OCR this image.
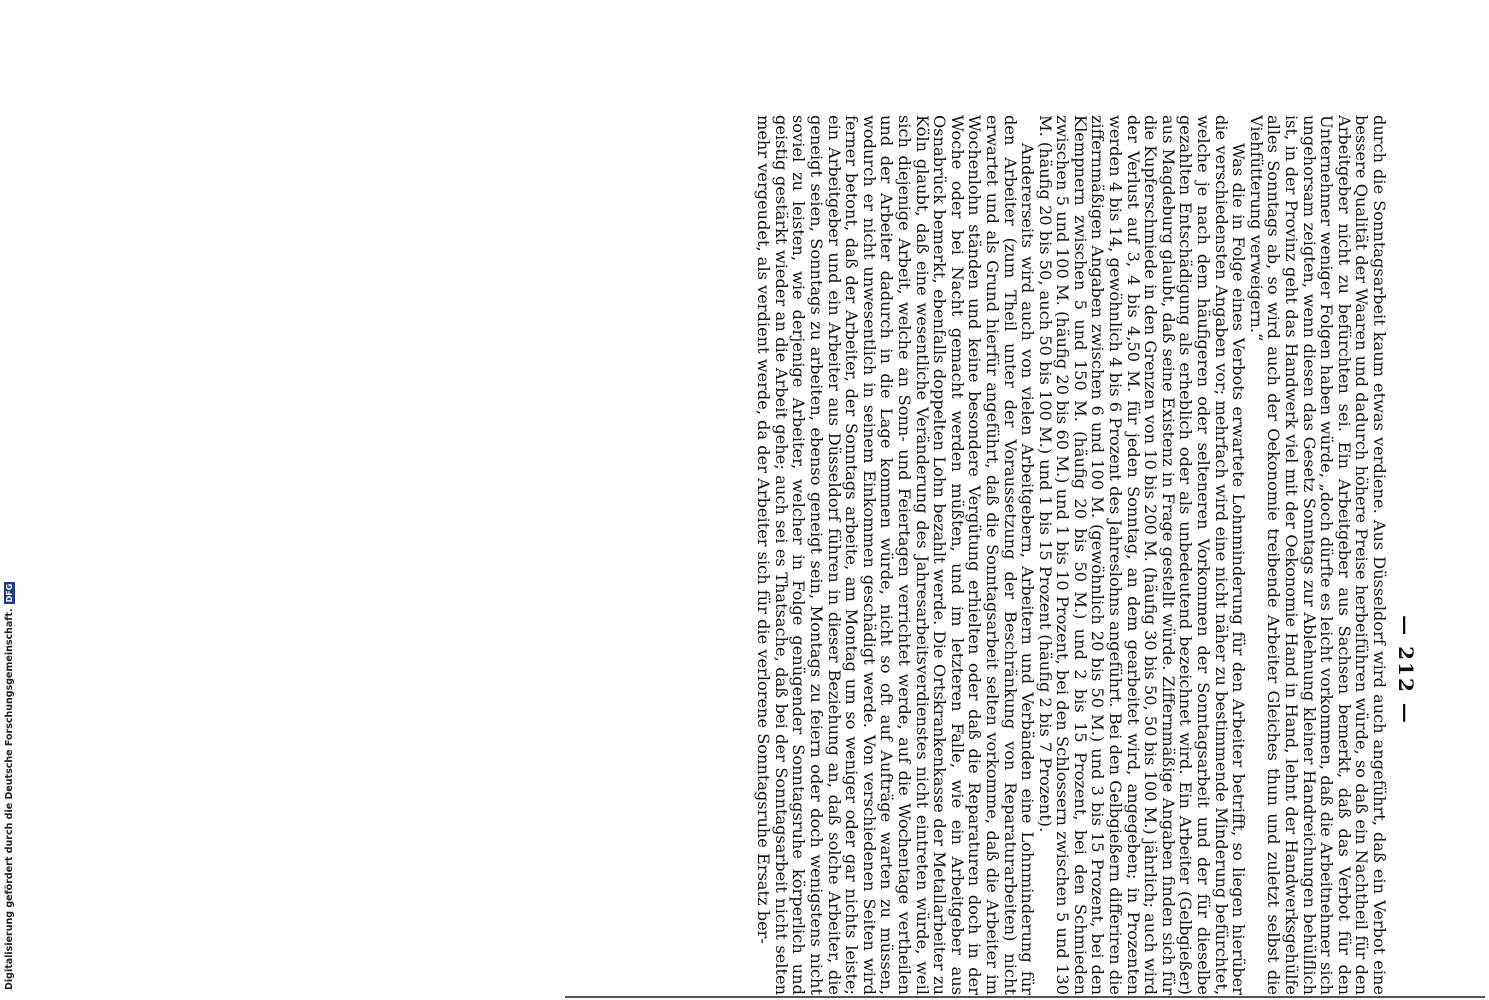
— 212 —

durch die Sonntagsarbeit kaum etwas verdiene. Aus Düsseldorf wird auch angeführt, daß ein Verbot eine bessere Qualität der Waaren und dadurch höhere Preise herbeiführen würde, so daß ein Nachtheil für den Arbeitgeber nicht zu befürchten sei. Ein Arbeitgeber aus Sachsen bemerkt, daß das Verbot für den Unternehmer weniger Folgen haben würde, „doch dürfte es leicht vorkommen, daß die Arbeitnehmer sich ungehorsam zeigten, wenn diesen das Gesetz Sonntags zur Ablehnung kleiner Handreichungen behülflich ist, in der Provinz geht das Handwerk viel mit der Oekonomie Hand in Hand, lehnt der Handwerksgehülfe alles Sonntags ab, so wird auch der Oekonomie treibende Arbeiter Gleiches thun und zuletzt selbst die Viehfütterung verweigern.“

Was die in Folge eines Verbots erwartete Lohnminderung für den Arbeiter betrifft, so liegen hierüber die verschiedensten Angaben vor; mehrfach wird eine nicht näher zu bestimmende Minderung befürchtet, welche je nach dem häufigeren oder selteneren Vorkommen der Sonntagsarbeit und der für dieselbe gezahlten Entschädigung als erheblich oder als unbedeutend bezeichnet wird. Ein Arbeiter (Gelbgießer) aus Magdeburg glaubt, daß seine Existenz in Frage gestellt würde. Ziffernmäßige Angaben finden sich für die Kupferschmiede in den Grenzen von 10 bis 200 M. (häufig 30 bis 50, 50 bis 100 M.) jährlich; auch wird der Verlust auf 3, 4 bis 4,50 M. für jeden Sonntag, an dem gearbeitet wird, angegeben; in Prozenten werden 4 bis 14, gewöhnlich 4 bis 6 Prozent des Jahreslohns angeführt. Bei den Gelbgießern differiren die ziffernmäßigen Angaben zwischen 6 und 100 M. (gewöhnlich 20 bis 50 M.) und 3 bis 15 Prozent, bei den Klempnern zwischen 5 und 150 M. (häufig 20 bis 50 M.) und 2 bis 15 Prozent, bei den Schmieden zwischen 5 und 100 M. (häufig 20 bis 60 M.) und 1 bis 10 Prozent, bei den Schlossern zwischen 5 und 130 M. (häufig 20 bis 50, auch 50 bis 100 M.) und 1 bis 15 Prozent (häufig 2 bis 7 Prozent).

Andererseits wird auch von vielen Arbeitgebern, Arbeitern und Verbänden eine Lohnminderung für den Arbeiter (zum Theil unter der Voraussetzung der Beschränkung von Reparaturarbeiten) nicht erwartet und als Grund hierfür angeführt, daß die Sonntagsarbeit selten vorkomme, daß die Arbeiter im Wochenlohn ständen und keine besondere Vergütung erhielten oder daß die Reparaturen doch in der Woche oder bei Nacht gemacht werden müßten, und im letzteren Falle, wie ein Arbeitgeber aus Osnabrück bemerkt, ebenfalls doppelten Lohn bezahlt werde. Die Ortskrankenkasse der Metallarbeiter zu Köln glaubt, daß eine wesentliche Veränderung des Jahresarbeitsverdienstes nicht eintreten würde, weil sich diejenige Arbeit, welche an Sonn- und Feiertagen verrichtet werde, auf die Wochentage vertheilen und der Arbeiter dadurch in die Lage kommen würde, nicht so oft auf Aufträge warten zu müssen, wodurch er nicht unwesentlich in seinem Einkommen geschädigt werde. Von verschiedenen Seiten wird ferner betont, daß der Arbeiter, der Sonntags arbeite, am Montag um so weniger oder gar nichts leiste; ein Arbeitgeber und ein Arbeiter aus Düsseldorf führen in dieser Beziehung an, daß solche Arbeiter, die geneigt seien, Sonntags zu arbeiten, ebenso geneigt sein, Montags zu feiern oder doch wenigstens nicht soviel zu leisten, wie derjenige Arbeiter, welcher in Folge genügender Sonntagsruhe körperlich und geistig gestärkt wieder an die Arbeit gehe; auch sei es Thatsache, daß bei der Sonntagsarbeit nicht selten mehr vergeudet, als verdient werde, da der Arbeiter sich für die verlorene Sonntagsruhe Ersatz ber-

Digitalisierung gefördert durch die Deutsche Forschungsgemeinschaft.
DFG
